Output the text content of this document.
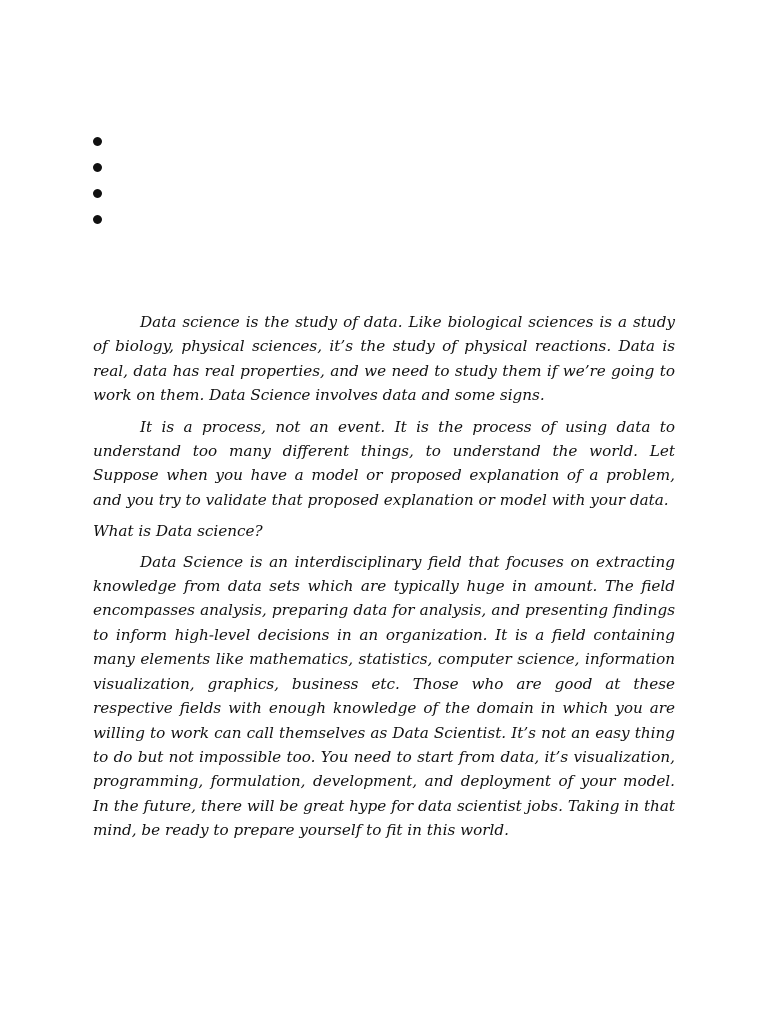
Data science is the study of data. Like biological sciences is a study of biology, physical sciences, it’s the study of physical reactions. Data is real, data has real properties, and we need to study them if we’re going to work on them. Data Science involves data and some signs.

It is a process, not an event. It is the process of using data to understand too many different things, to understand the world. Let Suppose when you have a model or proposed explanation of a problem, and you try to validate that proposed explanation or model with your data.

What is Data science?

Data Science is an interdisciplinary field that focuses on extracting knowledge from data sets which are typically huge in amount. The field encompasses analysis, preparing data for analysis, and presenting findings to inform high-level decisions in an organization. It is a field containing many elements like mathematics, statistics, computer science, information visualization, graphics, business etc. Those who are good at these respective fields with enough knowledge of the domain in which you are willing to work can call themselves as Data Scientist. It’s not an easy thing to do but not impossible too. You need to start from data, it’s visualization, programming, formulation, development, and deployment of your model. In the future, there will be great hype for data scientist jobs. Taking in that mind, be ready to prepare yourself to fit in this world.
